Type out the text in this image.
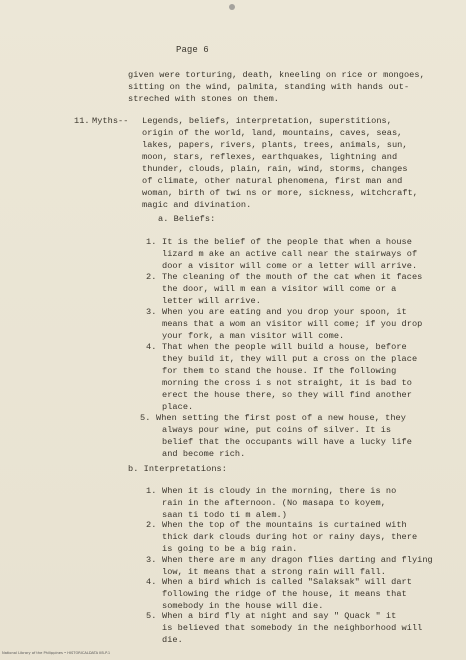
Page 6
given were torturing, death, kneeling on rice or mongoes,
sitting on the wind, palmita, standing with hands out-
streched with stones on them.
11. Myths-- Legends, beliefs, interpretation, superstitions,
origin of the world, land, mountains, caves, seas,
lakes, papers, rivers, plants, trees, animals, sun,
moon, stars, reflexes, earthquakes, lightning and
thunder, clouds, plain, rain, wind, storms, changes
of climate, other natural phenomena, first man and
woman, birth of twi ns or more, sickness, witchcraft,
magic and divination.
a. Beliefs:
1. It is the belief of the people that when a house
lizard m ake an active call near the stairways of
door a visitor will come or a letter will arrive.
2. The cleaning of the mouth of the cat when it faces
the door, will m ean a visitor will come or a
letter will arrive.
3. When you are eating and you drop your spoon, it
means that a wom an visitor will come; if you drop
your fork, a man visitor will come.
4. That when the people will build a house, before
they build it, they will put a cross on the place
for them to stand the house. If the following
morning the cross i s not straight, it is bad to
erect the house there, so they will find another
place.
5. When setting the first post of a new house, they
always pour wine, put coins of silver. It is
belief that the occupants will have a lucky life
and become rich.
b. Interpretations:
1. When it is cloudy in the morning, there is no
rain in the afternoon. (No masapa to koyem,
saan ti todo ti m alem.)
2. When the top of the mountains is curtained with
thick dark clouds during hot or rainy days, there
is going to be a big rain.
3. When there are m any dragon flies darting and flying
low, it means that a strong rain will fall.
4. When a bird which is called "Salaksak" will dart
following the ridge of the house, it means that
somebody in the house will die.
5. When a bird fly at night and say " Quack " it
is believed that somebody in the neighborhood will
die.
National Library of the Philippines • HISTORICALDATA IIB-P.1
